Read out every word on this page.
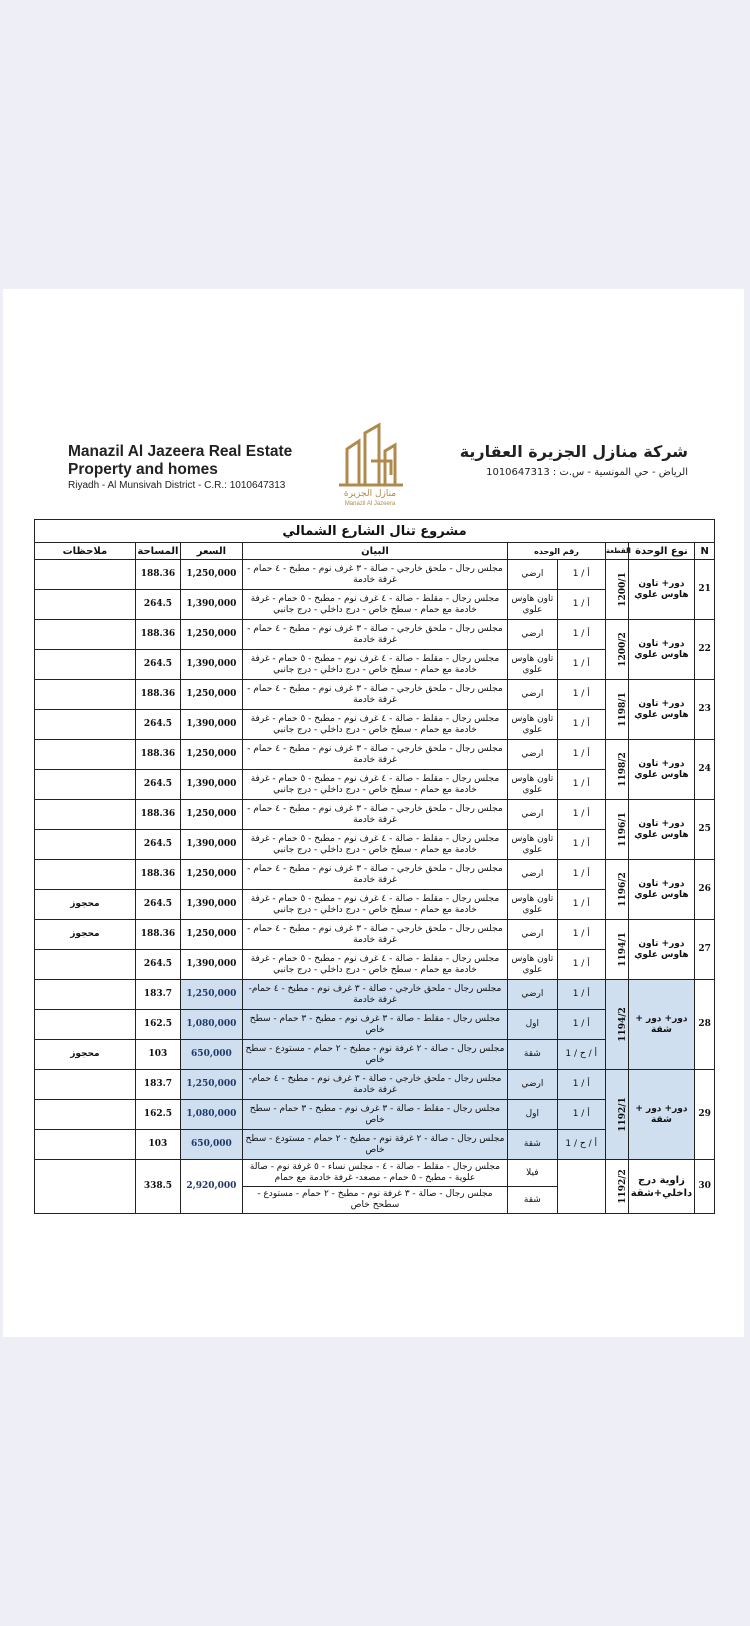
Manazil Al Jazeera Real Estate
Property and homes
Riyadh - Al Munsivah District - C.R.: 1010647313
منازل الجزيرة
Manazil Al Jazeera
شركة منازل الجزيرة العقارية
الرياض - حي المونسية - س.ت : 1010647313
مشروع تنال الشارع الشمالي								
ملاحظات	المساحة	السعر	البيان	رقم الوحده		القطعة	نوع الوحدة	N
	188.36	1,250,000	مجلس رجال - ملحق خارجي - صالة - ٣ غرف نوم - مطبخ - ٤ حمام - غرفة خادمة	ارضي	أ / 1	1200/1	دور+ تاون هاوس علوي	21
	264.5	1,390,000	مجلس رجال - مقلط - صالة - ٤ غرف نوم - مطبخ - ٥ حمام - غرفة خادمة مع حمام - سطح خاص - درج داخلي - درج جانبي	تاون هاوس علوي	أ / 1			
	188.36	1,250,000	مجلس رجال - ملحق خارجي - صالة - ٣ غرف نوم - مطبخ - ٤ حمام - غرفة خادمة	ارضي	أ / 1	1200/2	دور+ تاون هاوس علوي	22
	264.5	1,390,000	مجلس رجال - مقلط - صالة - ٤ غرف نوم - مطبخ - ٥ حمام - غرفة خادمة مع حمام - سطح خاص - درج داخلي - درج جانبي	تاون هاوس علوي	أ / 1			
	188.36	1,250,000	مجلس رجال - ملحق خارجي - صالة - ٣ غرف نوم - مطبخ - ٤ حمام - غرفة خادمة	ارضي	أ / 1	1198/1	دور+ تاون هاوس علوي	23
	264.5	1,390,000	مجلس رجال - مقلط - صالة - ٤ غرف نوم - مطبخ - ٥ حمام - غرفة خادمة مع حمام - سطح خاص - درج داخلي - درج جانبي	تاون هاوس علوي	أ / 1			
	188.36	1,250,000	مجلس رجال - ملحق خارجي - صالة - ٣ غرف نوم - مطبخ - ٤ حمام - غرفة خادمة	ارضي	أ / 1	1198/2	دور+ تاون هاوس علوي	24
	264.5	1,390,000	مجلس رجال - مقلط - صالة - ٤ غرف نوم - مطبخ - ٥ حمام - غرفة خادمة مع حمام - سطح خاص - درج داخلي - درج جانبي	تاون هاوس علوي	أ / 1			
	188.36	1,250,000	مجلس رجال - ملحق خارجي - صالة - ٣ غرف نوم - مطبخ - ٤ حمام - غرفة خادمة	ارضي	أ / 1	1196/1	دور+ تاون هاوس علوي	25
	264.5	1,390,000	مجلس رجال - مقلط - صالة - ٤ غرف نوم - مطبخ - ٥ حمام - غرفة خادمة مع حمام - سطح خاص - درج داخلي - درج جانبي	تاون هاوس علوي	أ / 1			
	188.36	1,250,000	مجلس رجال - ملحق خارجي - صالة - ٣ غرف نوم - مطبخ - ٤ حمام - غرفة خادمة	ارضي	أ / 1	1196/2	دور+ تاون هاوس علوي	26
محجوز	264.5	1,390,000	مجلس رجال - مقلط - صالة - ٤ غرف نوم - مطبخ - ٥ حمام - غرفة خادمة مع حمام - سطح خاص - درج داخلي - درج جانبي	تاون هاوس علوي	أ / 1			
محجوز	188.36	1,250,000	مجلس رجال - ملحق خارجي - صالة - ٣ غرف نوم - مطبخ - ٤ حمام - غرفة خادمة	ارضي	أ / 1	1194/1	دور+ تاون هاوس علوي	27
	264.5	1,390,000	مجلس رجال - مقلط - صالة - ٤ غرف نوم - مطبخ - ٥ حمام - غرفة خادمة مع حمام - سطح خاص - درج داخلي - درج جانبي	تاون هاوس علوي	أ / 1			
	183.7	1,250,000	مجلس رجال - ملحق خارجي - صالة - ٣ غرف نوم - مطبخ - ٤ حمام-غرفة خادمة	ارضي	أ / 1	1194/2	دور+ دور + شقة	28
	162.5	1,080,000	مجلس رجال - مقلط - صالة - ٣ غرف نوم - مطبخ - ٣ حمام - سطح خاص	اول	أ / 1			
محجوز	103	650,000	مجلس رجال - صالة - ٢ غرفة نوم - مطبخ - ٢ حمام - مستودع - سطح خاص	شقة	أ / ح / 1			
	183.7	1,250,000	مجلس رجال - ملحق خارجي - صالة - ٣ غرف نوم - مطبخ - ٤ حمام-غرفة خادمة	ارضي	أ / 1	1192/1	دور+ دور + شقة	29
	162.5	1,080,000	مجلس رجال - مقلط - صالة - ٣ غرف نوم - مطبخ - ٣ حمام - سطح خاص	اول	أ / 1			
	103	650,000	مجلس رجال - صالة - ٢ غرفة نوم - مطبخ - ٢ حمام - مستودع - سطح خاص	شقة	أ / ح / 1			
	338.5	2,920,000	مجلس رجال - مقلط - صالة - ٤ - مجلس نساء - ٥ غرفة نوم - صالة علوية - مطبخ - ٥ حمام - مصعد- غرفة خادمة مع حمام	فيلا		1192/2	زاوية درج داخلي+شقة	30
			مجلس رجال - صالة - ٣ غرفة نوم - مطبخ - ٢ حمام - مستودع - سطحح خاص	شقة				
